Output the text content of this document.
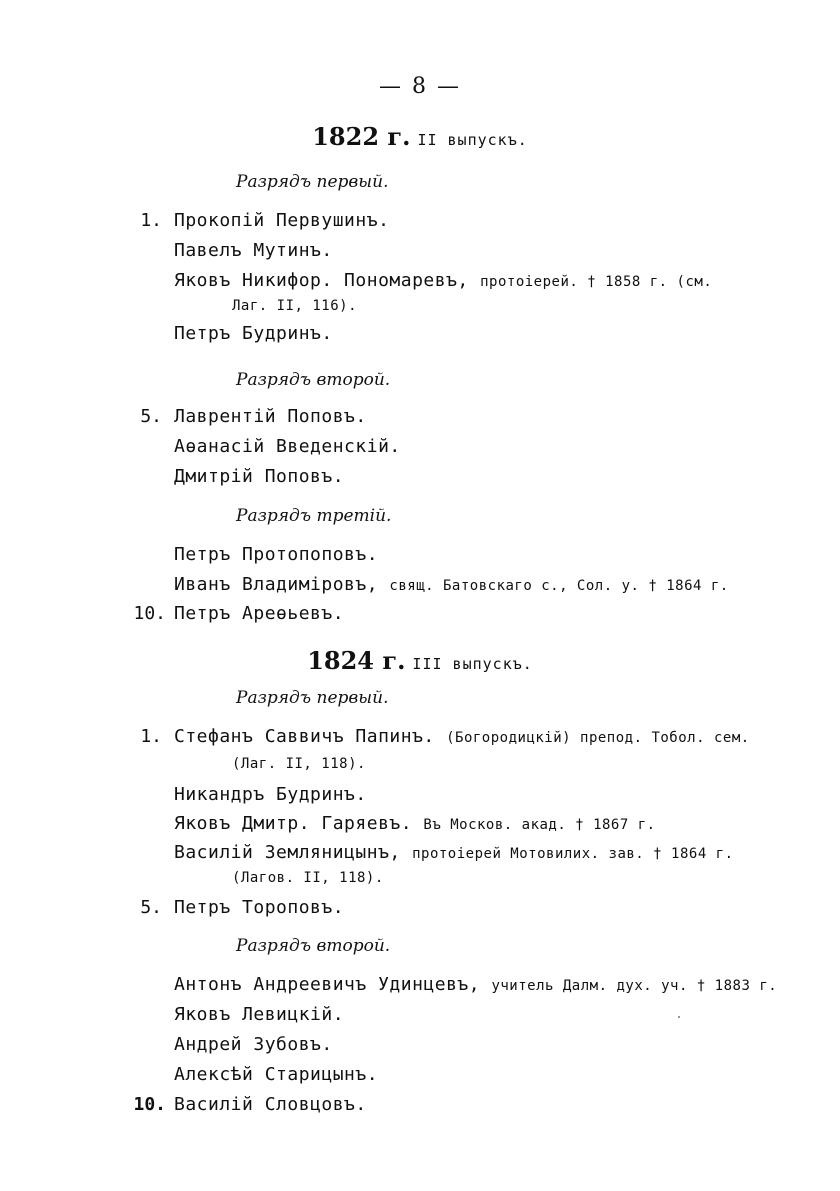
— 8 —
1822 г. II выпускъ.
Разрядъ первый.
1. Прокопiй Первушинъ.
Павелъ Мутинъ.
Яковъ Никифор. Пономаревъ, протоiерей. † 1858 г. (см.
Лаг. II, 116).
Петръ Будринъ.
Разрядъ второй.
5. Лаврентiй Поповъ.
Аѳанасiй Введенскiй.
Дмитрiй Поповъ.
Разрядъ третiй.
Петръ Протопоповъ.
Иванъ Владимiровъ, свящ. Батовскаго с., Сол. у. † 1864 г.
10. Петръ Ареѳьевъ.
1824 г. III выпускъ.
Разрядъ первый.
1. Стефанъ Саввичъ Папинъ. (Богородицкiй) препод. Тобол. сем.
(Лаг. II, 118).
Никандръ Будринъ.
Яковъ Дмитр. Гаряевъ. Въ Москов. акад. † 1867 г.
Василiй Земляницынъ, протоiерей Мотовилих. зав. † 1864 г.
(Лагов. II, 118).
5. Петръ Тороповъ.
Разрядъ второй.
Антонъ Андреевичъ Удинцевъ, учитель Далм. дух. уч. † 1883 г.
Яковъ Левицкiй.
Андрей Зубовъ.
Алексѣй Старицынъ.
10. Василiй Словцовъ.
